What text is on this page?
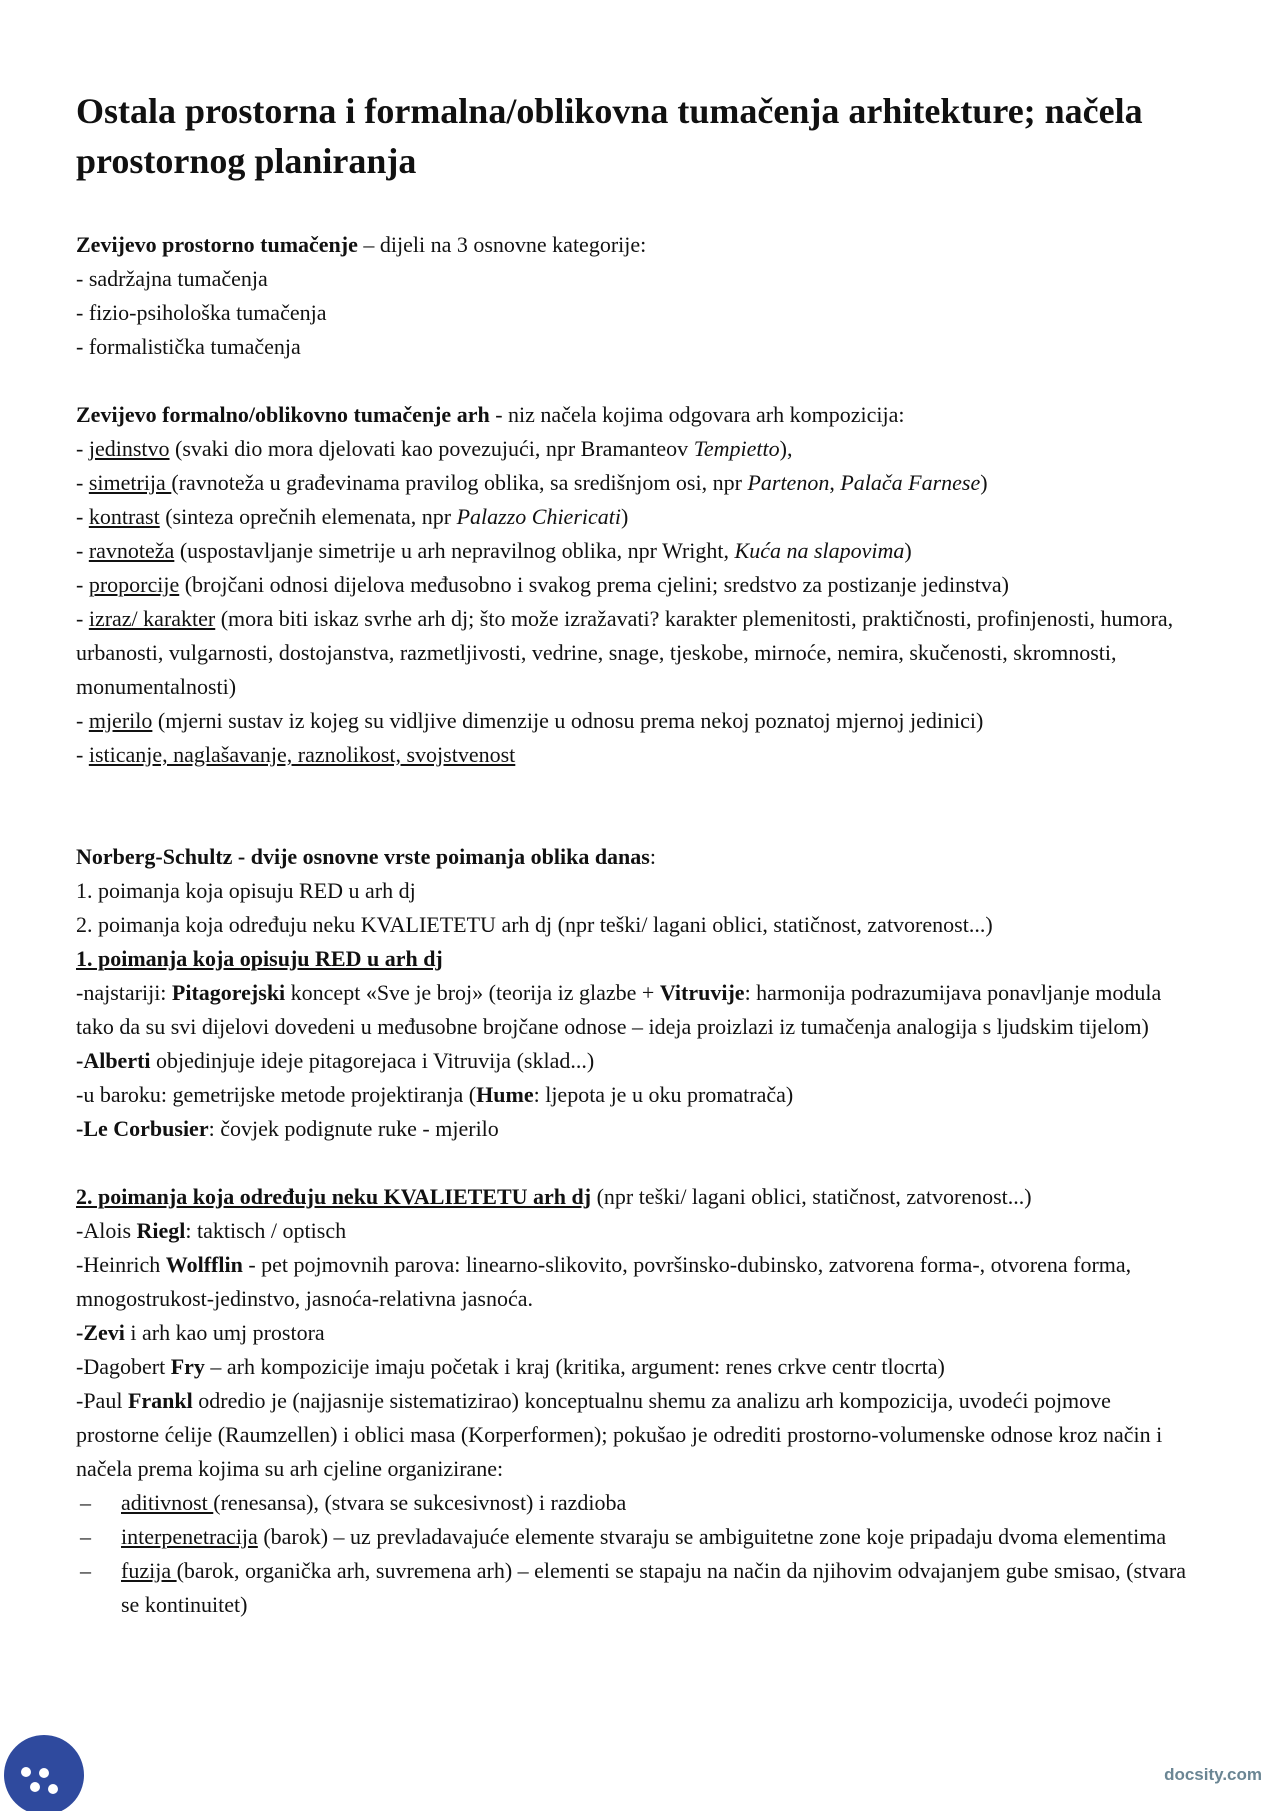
Ostala prostorna i formalna/oblikovna tumačenja arhitekture; načela prostornog planiranja

Zevijevo prostorno tumačenje – dijeli na 3 osnovne kategorije:

- sadržajna tumačenja

- fizio-psihološka tumačenja

- formalistička tumačenja

Zevijevo formalno/oblikovno tumačenje arh - niz načela kojima odgovara arh kompozicija:

- jedinstvo (svaki dio mora djelovati kao povezujući, npr Bramanteov Tempietto),

- simetrija (ravnoteža u građevinama pravilog oblika, sa središnjom osi, npr Partenon, Palača Farnese)

- kontrast (sinteza oprečnih elemenata, npr Palazzo Chiericati)

- ravnoteža (uspostavljanje simetrije u arh nepravilnog oblika, npr Wright, Kuća na slapovima)

- proporcije (brojčani odnosi dijelova međusobno i svakog prema cjelini; sredstvo za postizanje jedinstva)

- izraz/ karakter (mora biti iskaz svrhe arh dj; što može izražavati? karakter plemenitosti, praktičnosti, profinjenosti, humora, urbanosti, vulgarnosti, dostojanstva, razmetljivosti, vedrine, snage, tjeskobe, mirnoće, nemira, skučenosti, skromnosti, monumentalnosti)

- mjerilo (mjerni sustav iz kojeg su vidljive dimenzije u odnosu prema nekoj poznatoj mjernoj jedinici)

- isticanje, naglašavanje, raznolikost, svojstvenost

Norberg-Schultz - dvije osnovne vrste poimanja oblika danas:

1. poimanja koja opisuju RED u arh dj

2. poimanja koja određuju neku KVALIETETU arh dj (npr teški/ lagani oblici, statičnost, zatvorenost...)

1. poimanja koja opisuju RED u arh dj

-najstariji: Pitagorejski koncept «Sve je broj» (teorija iz glazbe + Vitruvije: harmonija podrazumijava ponavljanje modula tako da su svi dijelovi dovedeni u međusobne brojčane odnose – ideja proizlazi iz tumačenja analogija s ljudskim tijelom)

-Alberti objedinjuje ideje pitagorejaca i Vitruvija (sklad...)

-u baroku: gemetrijske metode projektiranja (Hume: ljepota je u oku promatrača)

-Le Corbusier: čovjek podignute ruke - mjerilo

2. poimanja koja određuju neku KVALIETETU arh dj (npr teški/ lagani oblici, statičnost, zatvorenost...)

-Alois Riegl: taktisch / optisch

-Heinrich Wolfflin - pet pojmovnih parova: linearno-slikovito, površinsko-dubinsko, zatvorena forma-, otvorena forma, mnogostrukost-jedinstvo, jasnoća-relativna jasnoća.

-Zevi i arh kao umj prostora

-Dagobert Fry – arh kompozicije imaju početak i kraj (kritika, argument: renes crkve centr tlocrta)

-Paul Frankl odredio je (najjasnije sistematizirao) konceptualnu shemu za analizu arh kompozicija, uvodeći pojmove prostorne ćelije (Raumzellen) i oblici masa (Korperformen); pokušao je odrediti prostorno-volumenske odnose kroz način i načela prema kojima su arh cjeline organizirane:

– aditivnost (renesansa), (stvara se sukcesivnost) i razdioba
– interpenetracija (barok) – uz prevladavajuće elemente stvaraju se ambiguitetne zone koje pripadaju dvoma elementima
– fuzija (barok, organička arh, suvremena arh) – elementi se stapaju na način da njihovim odvajanjem gube smisao, (stvara se kontinuitet)
docsity.com
